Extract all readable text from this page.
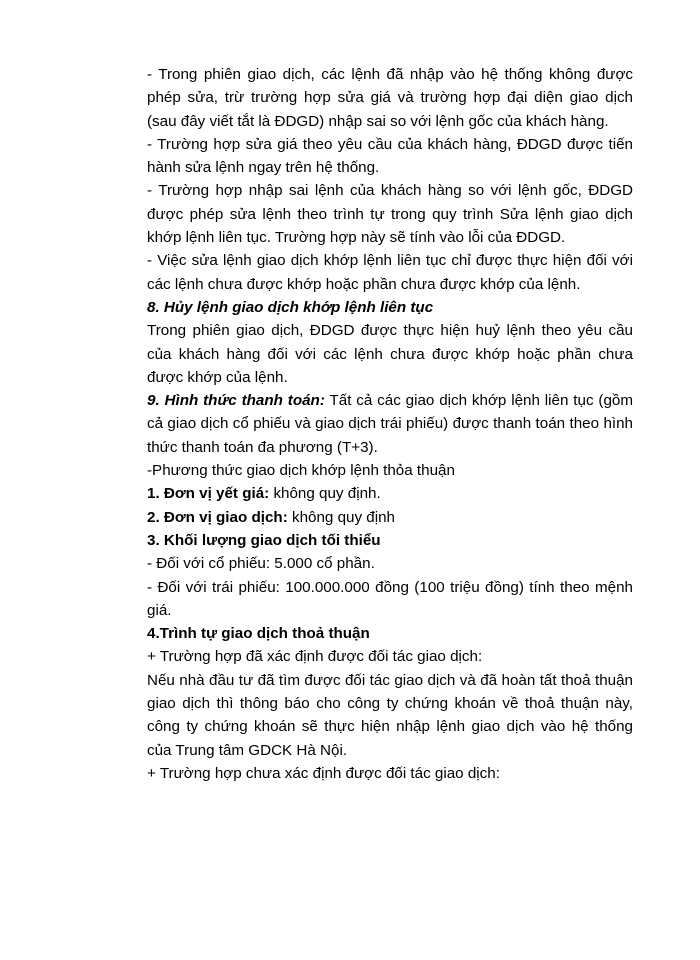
- Trong phiên giao dịch, các lệnh đã nhập vào hệ thống không được phép sửa, trừ trường hợp sửa giá và trường hợp đại diện giao dịch (sau đây viết tắt là ĐDGD) nhập sai so với lệnh gốc của khách hàng.

- Trường hợp sửa giá theo yêu cầu của khách hàng, ĐDGD được tiến hành sửa lệnh ngay trên hệ thống.

- Trường hợp nhập sai lệnh của khách hàng so với lệnh gốc, ĐDGD được phép sửa lệnh theo trình tự trong quy trình Sửa lệnh giao dịch khớp lệnh liên tục. Trường hợp này sẽ tính vào lỗi của ĐDGD.

- Việc sửa lệnh giao dịch khớp lệnh liên tục chỉ được thực hiện đối với các lệnh chưa được khớp hoặc phần chưa được khớp của lệnh.

8. Hủy lệnh giao dịch khớp lệnh liên tục

Trong phiên giao dịch, ĐDGD được thực hiện huỷ lệnh theo yêu cầu của khách hàng đối với các lệnh chưa được khớp hoặc phần chưa được khớp của lệnh.

9. Hình thức thanh toán: Tất cả các giao dịch khớp lệnh liên tục (gồm cả giao dịch cổ phiếu và giao dịch trái phiếu) được thanh toán theo hình thức thanh toán đa phương (T+3).

-Phương thức giao dịch khớp lệnh thỏa thuận

1. Đơn vị yết giá: không quy định.

2. Đơn vị giao dịch: không quy định

3. Khối lượng giao dịch tối thiểu

- Đối với cổ phiếu: 5.000 cổ phần.

- Đối với trái phiếu: 100.000.000 đồng (100 triệu đồng) tính theo mệnh giá.

4.Trình tự giao dịch thoả thuận

+ Trường hợp đã xác định được đối tác giao dịch:

Nếu nhà đầu tư đã tìm được đối tác giao dịch và đã hoàn tất thoả thuận giao dịch thì thông báo cho công ty chứng khoán về thoả thuận này, công ty chứng khoán sẽ thực hiện nhập lệnh giao dịch vào hệ thống của Trung tâm GDCK Hà Nội.

+ Trường hợp chưa xác định được đối tác giao dịch:
